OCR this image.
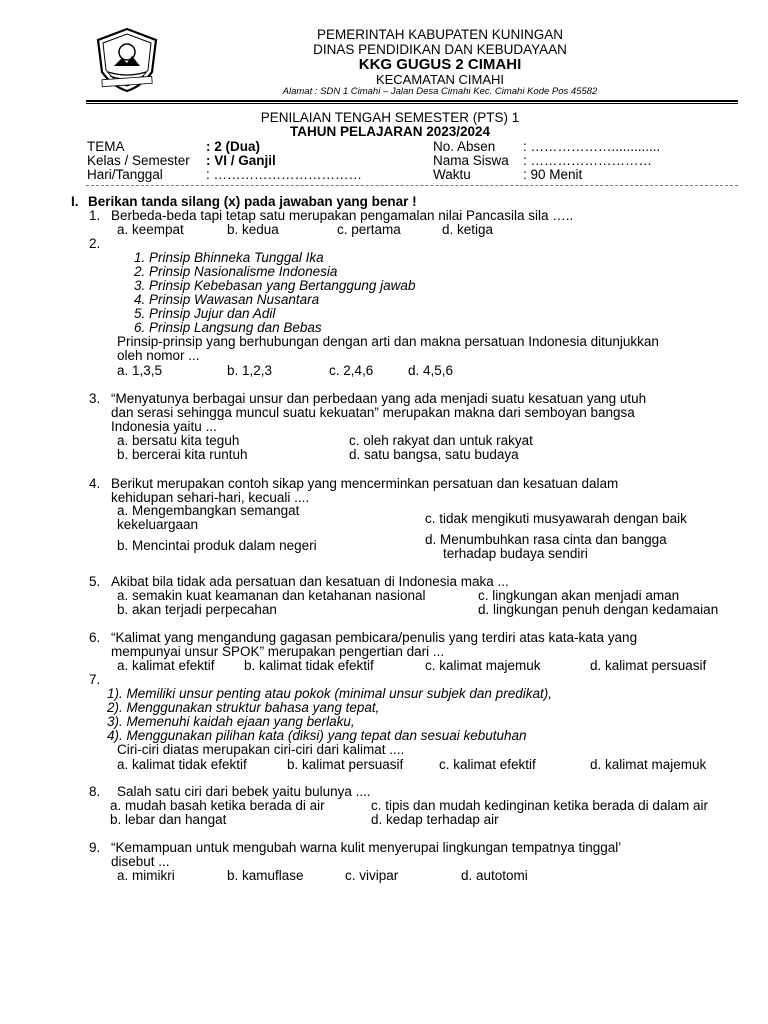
PEMERINTAH KABUPATEN KUNINGAN
DINAS PENDIDIKAN DAN KEBUDAYAAN
KKG GUGUS 2 CIMAHI
KECAMATAN CIMAHI
Alamat : SDN 1 Cimahi – Jalan Desa Cimahi Kec. Cimahi Kode Pos 45582
PENILAIAN TENGAH SEMESTER (PTS) 1
TAHUN PELAJARAN 2023/2024
TEMA	: 2 (Dua)
Kelas / Semester : VI / Ganjil
Hari/Tanggal	: ……………………………
No. Absen : ……………….............
Nama Siswa : ………………………
Waktu	: 90 Menit
I. Berikan tanda silang (x) pada jawaban yang benar !
1. Berbeda-beda tapi tetap satu merupakan pengamalan nilai Pancasila sila …..
a. keempat	b. kedua	c. pertama	d. ketiga
2.
1. Prinsip Bhinneka Tunggal Ika
2. Prinsip Nasionalisme Indonesia
3. Prinsip Kebebasan yang Bertanggung jawab
4. Prinsip Wawasan Nusantara
5. Prinsip Jujur dan Adil
6. Prinsip Langsung dan Bebas
Prinsip-prinsip yang berhubungan dengan arti dan makna persatuan Indonesia ditunjukkan
oleh nomor ...
a. 1,3,5	b. 1,2,3	c. 2,4,6	d. 4,5,6
3. “Menyatunya berbagai unsur dan perbedaan yang ada menjadi suatu kesatuan yang utuh
dan serasi sehingga muncul suatu kekuatan” merupakan makna dari semboyan bangsa
Indonesia yaitu ...
a. bersatu kita teguh
b. bercerai kita runtuh
c. oleh rakyat dan untuk rakyat
d. satu bangsa, satu budaya
4. Berikut merupakan contoh sikap yang mencerminkan persatuan dan kesatuan dalam
kehidupan sehari-hari, kecuali ....
a. Mengembangkan semangat
kekeluargaan
b. Mencintai produk dalam negeri
c. tidak mengikuti musyawarah dengan baik
d. Menumbuhkan rasa cinta dan bangga
terhadap budaya sendiri
5. Akibat bila tidak ada persatuan dan kesatuan di Indonesia maka ...
a. semakin kuat keamanan dan ketahanan nasional
b. akan terjadi perpecahan
c. lingkungan akan menjadi aman
d. lingkungan penuh dengan kedamaian
6. “Kalimat yang mengandung gagasan pembicara/penulis yang terdiri atas kata-kata yang
mempunyai unsur SPOK” merupakan pengertian dari ...
a. kalimat efektif b. kalimat tidak efektif	c. kalimat majemuk	d. kalimat persuasif
7.
1). Memiliki unsur penting atau pokok (minimal unsur subjek dan predikat),
2). Menggunakan struktur bahasa yang tepat,
3). Memenuhi kaidah ejaan yang berlaku,
4). Menggunakan pilihan kata (diksi) yang tepat dan sesuai kebutuhan
Ciri-ciri diatas merupakan ciri-ciri dari kalimat ....
a. kalimat tidak efektif	b. kalimat persuasif	c. kalimat efektif	d. kalimat majemuk
8. Salah satu ciri dari bebek yaitu bulunya ....
a. mudah basah ketika berada di air
b. lebar dan hangat
c. tipis dan mudah kedinginan ketika berada di dalam air
d. kedap terhadap air
9. “Kemampuan untuk mengubah warna kulit menyerupai lingkungan tempatnya tinggal’
disebut ...
a. mimikri	b. kamuflase	c. vivipar	d. autotomi
